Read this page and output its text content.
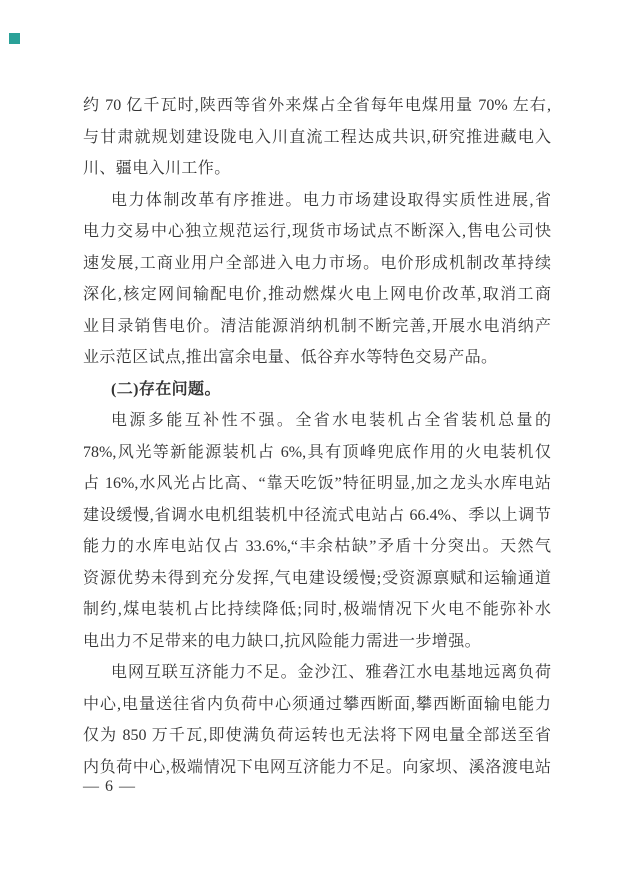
约 70 亿千瓦时,陕西等省外来煤占全省每年电煤用量 70% 左右,
与甘肃就规划建设陇电入川直流工程达成共识,研究推进藏电入
川、疆电入川工作。
电力体制改革有序推进。电力市场建设取得实质性进展,省
电力交易中心独立规范运行,现货市场试点不断深入,售电公司快
速发展,工商业用户全部进入电力市场。电价形成机制改革持续
深化,核定网间输配电价,推动燃煤火电上网电价改革,取消工商
业目录销售电价。清洁能源消纳机制不断完善,开展水电消纳产
业示范区试点,推出富余电量、低谷弃水等特色交易产品。
(二)存在问题。
电源多能互补性不强。全省水电装机占全省装机总量的
78%,风光等新能源装机占 6%,具有顶峰兜底作用的火电装机仅
占 16%,水风光占比高、“靠天吃饭”特征明显,加之龙头水库电站
建设缓慢,省调水电机组装机中径流式电站占 66.4%、季以上调节
能力的水库电站仅占 33.6%,“丰余枯缺”矛盾十分突出。天然气
资源优势未得到充分发挥,气电建设缓慢;受资源禀赋和运输通道
制约,煤电装机占比持续降低;同时,极端情况下火电不能弥补水
电出力不足带来的电力缺口,抗风险能力需进一步增强。
电网互联互济能力不足。金沙江、雅砻江水电基地远离负荷
中心,电量送往省内负荷中心须通过攀西断面,攀西断面输电能力
仅为 850 万千瓦,即使满负荷运转也无法将下网电量全部送至省
内负荷中心,极端情况下电网互济能力不足。向家坝、溪洛渡电站
— 6 —
